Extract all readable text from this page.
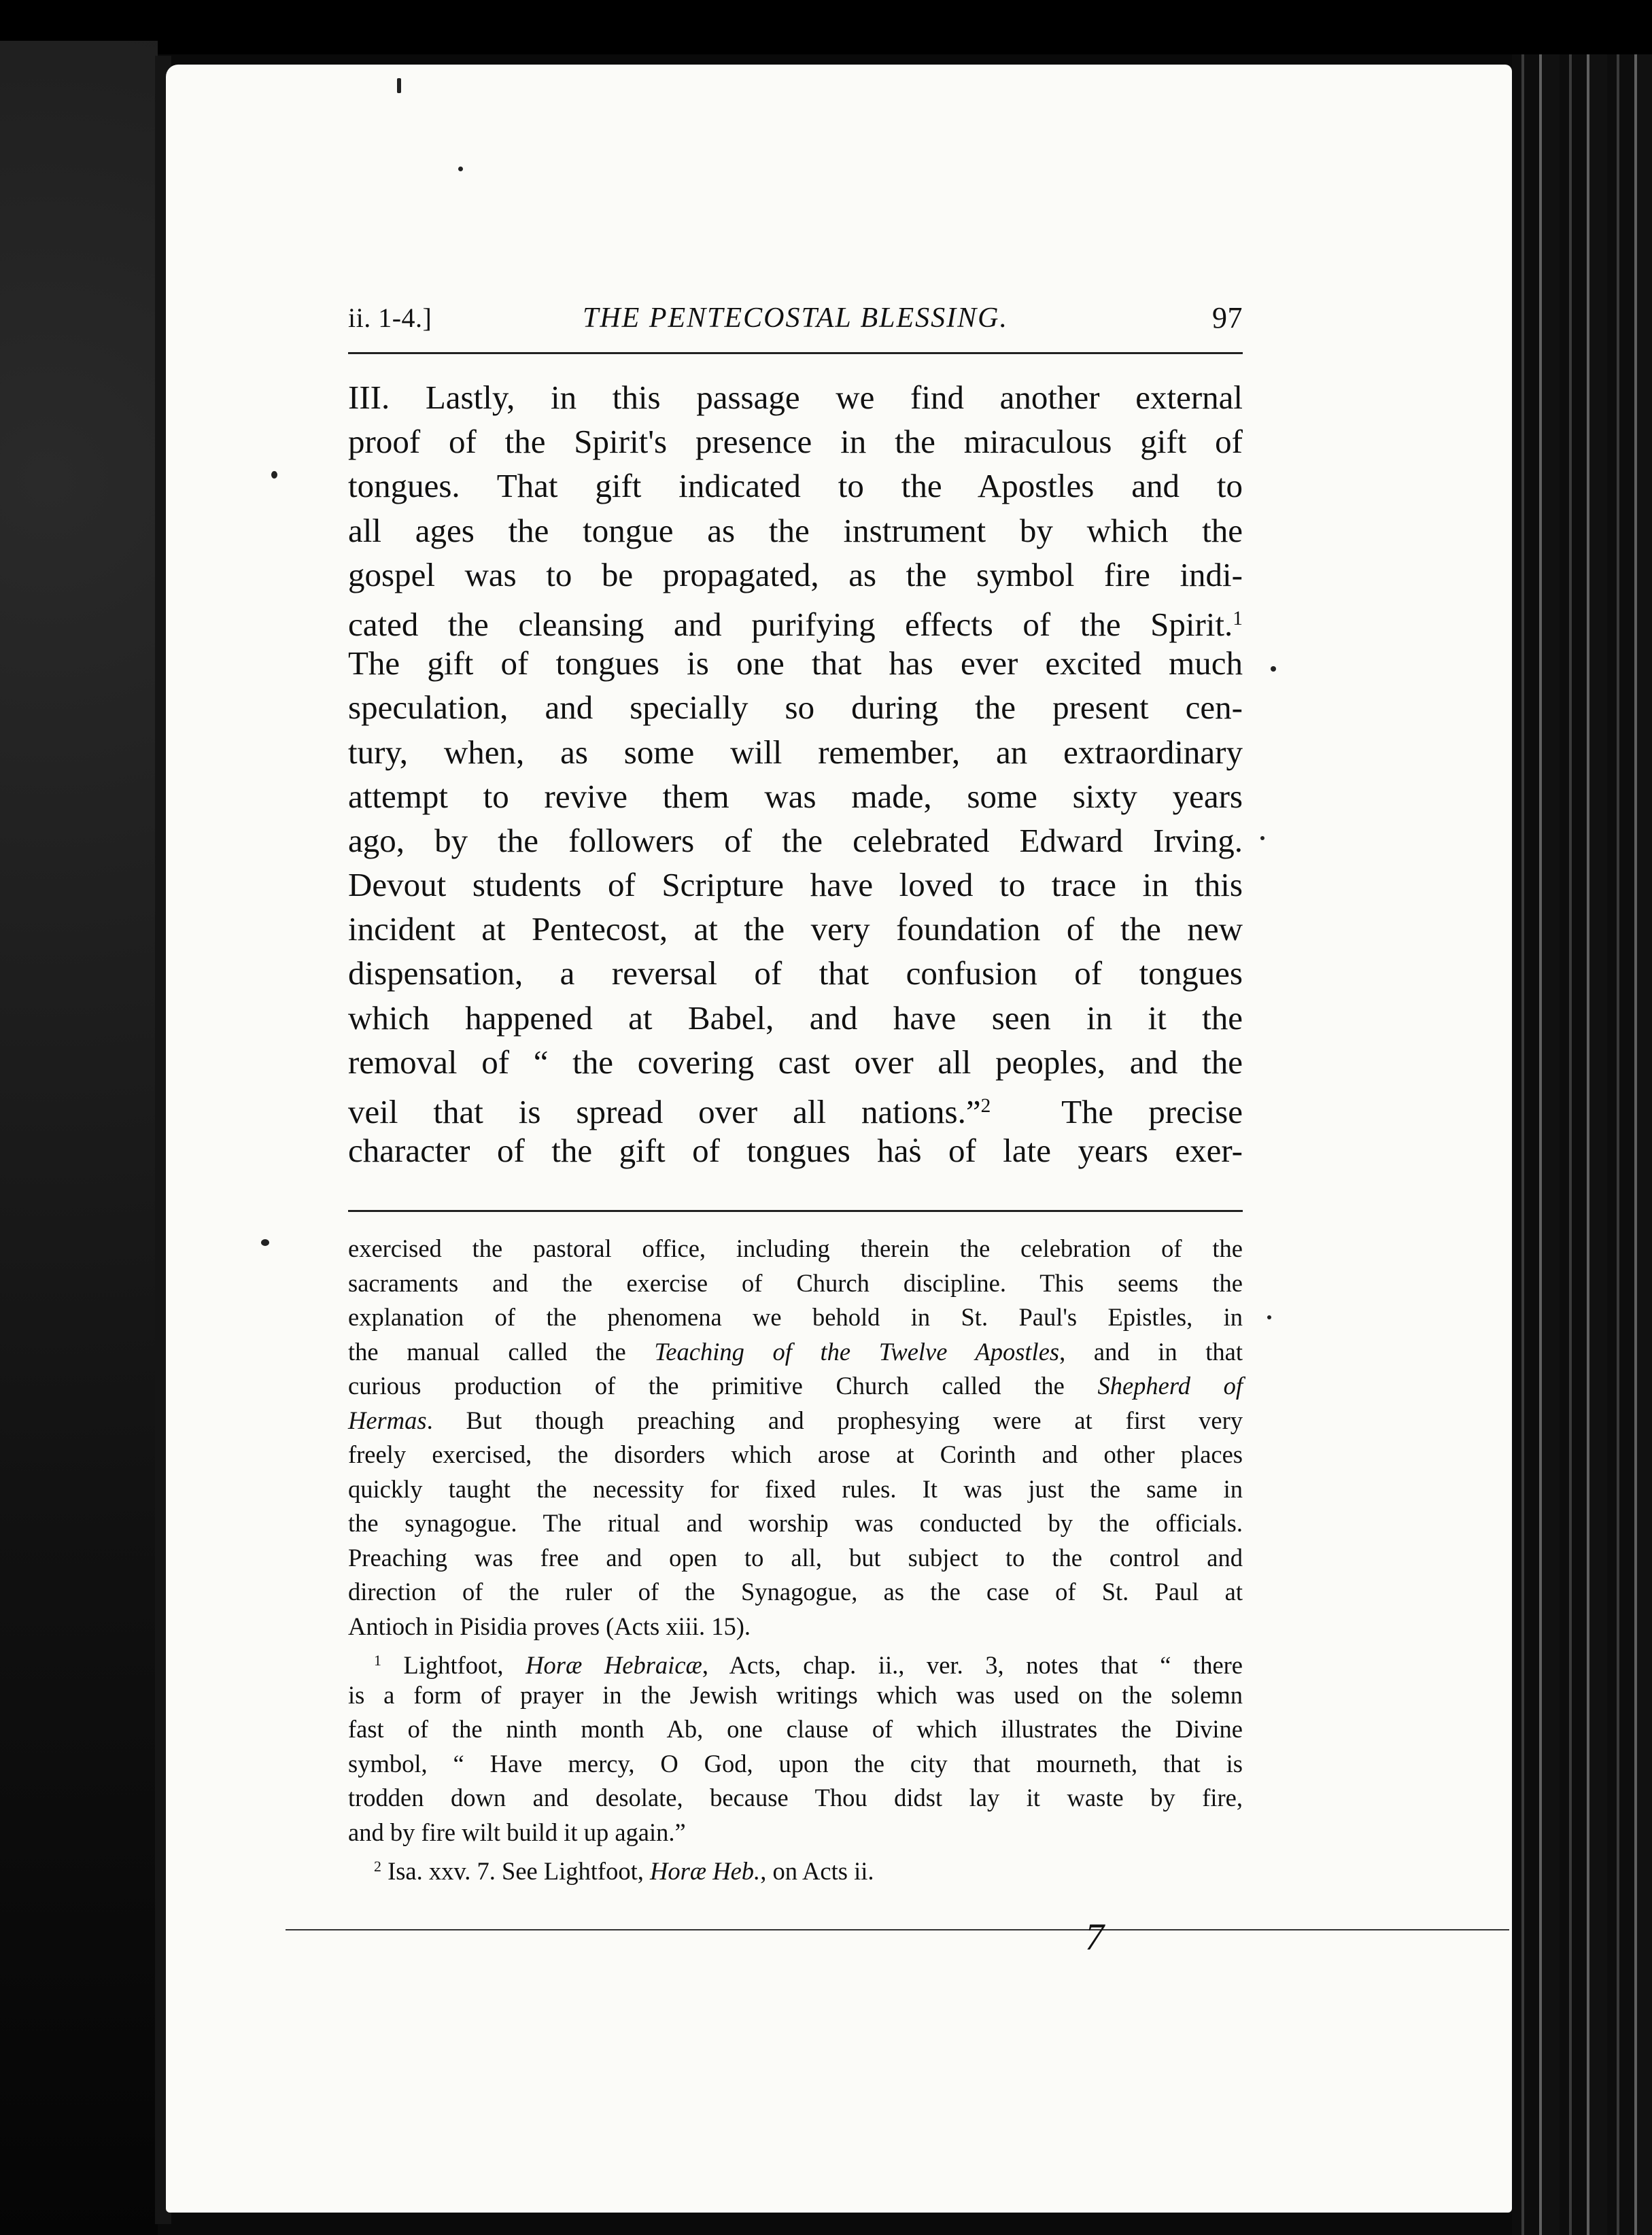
ii. 1-4.]	THE PENTECOSTAL BLESSING.	97
III. Lastly, in this passage we find another external
proof of the Spirit's presence in the miraculous gift of
tongues. That gift indicated to the Apostles and to
all ages the tongue as the instrument by which the
gospel was to be propagated, as the symbol fire indi-
cated the cleansing and purifying effects of the Spirit.$^1$
The gift of tongues is one that has ever excited much
speculation, and specially so during the present cen-
tury, when, as some will remember, an extraordinary
attempt to revive them was made, some sixty years
ago, by the followers of the celebrated Edward Irving.
Devout students of Scripture have loved to trace in this
incident at Pentecost, at the very foundation of the new
dispensation, a reversal of that confusion of tongues
which happened at Babel, and have seen in it the
removal of “ the covering cast over all peoples, and the
veil that is spread over all nations.”$^2$ The precise
character of the gift of tongues has of late years exer-
exercised the pastoral office, including therein the celebration of the
sacraments and the exercise of Church discipline. This seems the
explanation of the phenomena we behold in St. Paul's Epistles, in
the manual called the Teaching of the Twelve Apostles, and in that
curious production of the primitive Church called the Shepherd of
Hermas. But though preaching and prophesying were at first very
freely exercised, the disorders which arose at Corinth and other places
quickly taught the necessity for fixed rules. It was just the same in
the synagogue. The ritual and worship was conducted by the officials.
Preaching was free and open to all, but subject to the control and
direction of the ruler of the Synagogue, as the case of St. Paul at
Antioch in Pisidia proves (Acts xiii. 15).
$^1$ Lightfoot, Horæ Hebraicæ, Acts, chap. ii., ver. 3, notes that “ there
is a form of prayer in the Jewish writings which was used on the solemn
fast of the ninth month Ab, one clause of which illustrates the Divine
symbol, “ Have mercy, O God, upon the city that mourneth, that is
trodden down and desolate, because Thou didst lay it waste by fire,
and by fire wilt build it up again.”
$^2$ Isa. xxv. 7. See Lightfoot, Horæ Heb., on Acts ii.
7
